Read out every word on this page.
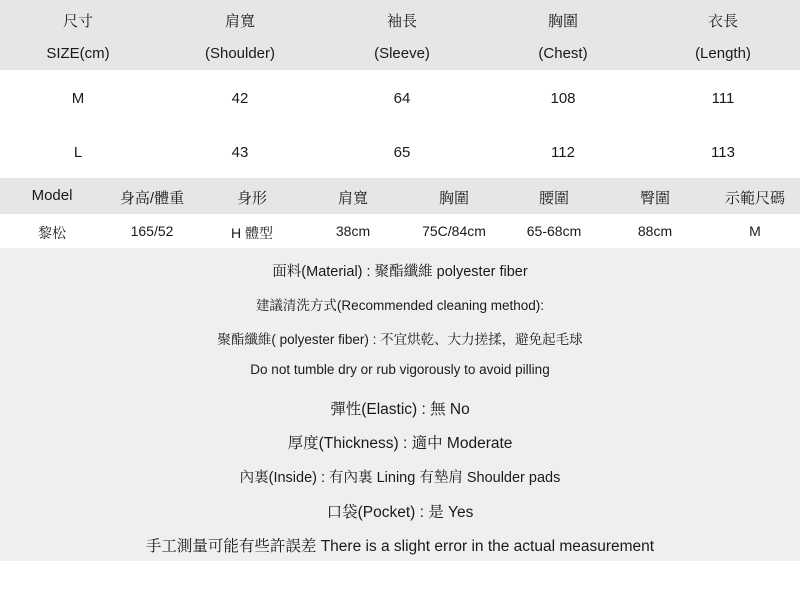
尺寸	肩寬	袖長	胸圍	衣長
SIZE(cm)	(Shoulder)	(Sleeve)	(Chest)	(Length)
M	42	64	108	111
L	43	65	112	113
Model	身高/體重	身形	肩寬	胸圍	腰圍	臀圍	示範尺碼
黎松	165/52	H 體型	38cm	75C/84cm	65-68cm	88cm	M
面料(Material) : 聚酯纖維 polyester fiber
建議清洗方式(Recommended cleaning method):
聚酯纖維( polyester fiber) : 不宜烘乾、大力搓揉，避免起毛球
Do not tumble dry or rub vigorously to avoid pilling
彈性(Elastic) : 無 No
厚度(Thickness) : 適中 Moderate
內裏(Inside) : 有內裏 Lining 有墊肩 Shoulder pads
口袋(Pocket) : 是 Yes
手工測量可能有些許誤差 There is a slight error in the actual measurement
